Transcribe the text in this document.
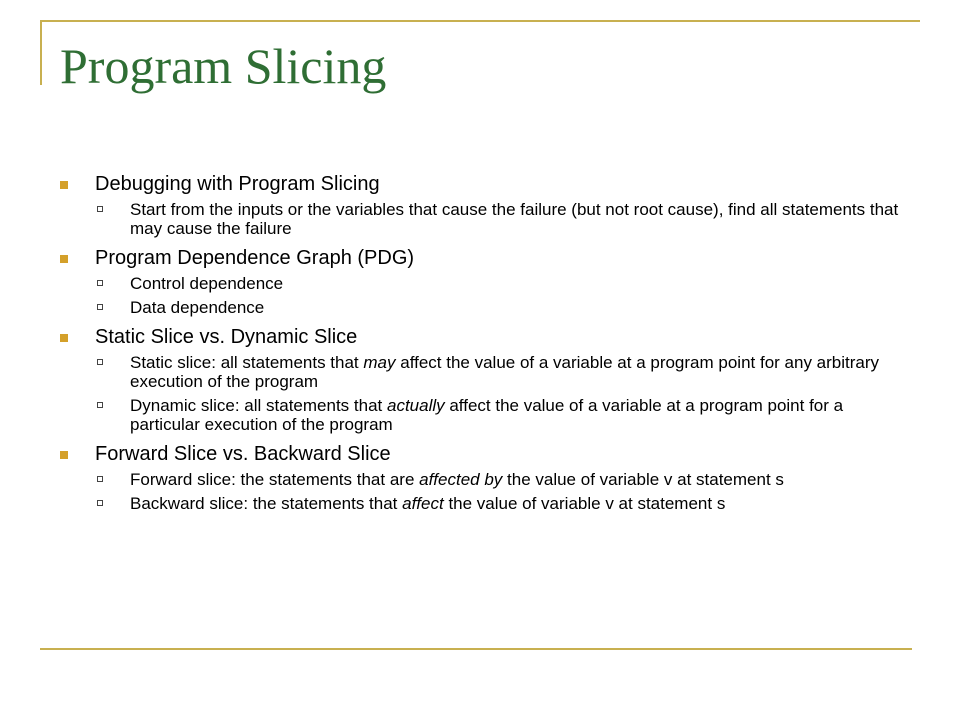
Program Slicing
Debugging with Program Slicing
Start from the inputs or the variables that cause the failure (but not root cause), find all statements that may cause the failure
Program Dependence Graph (PDG)
Control dependence
Data dependence
Static Slice vs. Dynamic Slice
Static slice: all statements that may affect the value of a variable at a program point for any arbitrary execution of the program
Dynamic slice: all statements that actually affect the value of a variable at a program point for a particular execution of the program
Forward Slice vs. Backward Slice
Forward slice: the statements that are affected by the value of variable v at statement s
Backward slice: the statements that affect the value of variable v at statement s
